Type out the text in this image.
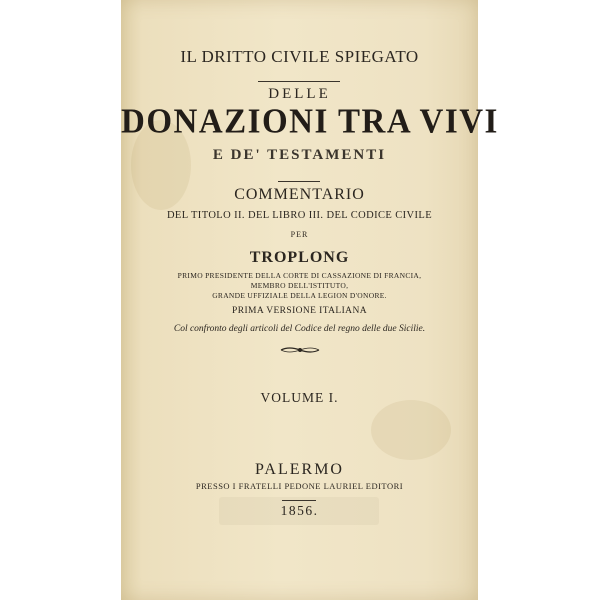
IL DRITTO CIVILE SPIEGATO
DELLE
DONAZIONI TRA VIVI
E DE' TESTAMENTI
COMMENTARIO
DEL TITOLO II. DEL LIBRO III. DEL CODICE CIVILE
PER
TROPLONG
PRIMO PRESIDENTE DELLA CORTE DI CASSAZIONE DI FRANCIA,
MEMBRO DELL'ISTITUTO,
GRANDE UFFIZIALE DELLA LEGION D'ONORE.
PRIMA VERSIONE ITALIANA
Col confronto degli articoli del Codice del regno delle due Sicilie.
VOLUME I.
PALERMO
PRESSO I FRATELLI PEDONE LAURIEL EDITORI
1856.
